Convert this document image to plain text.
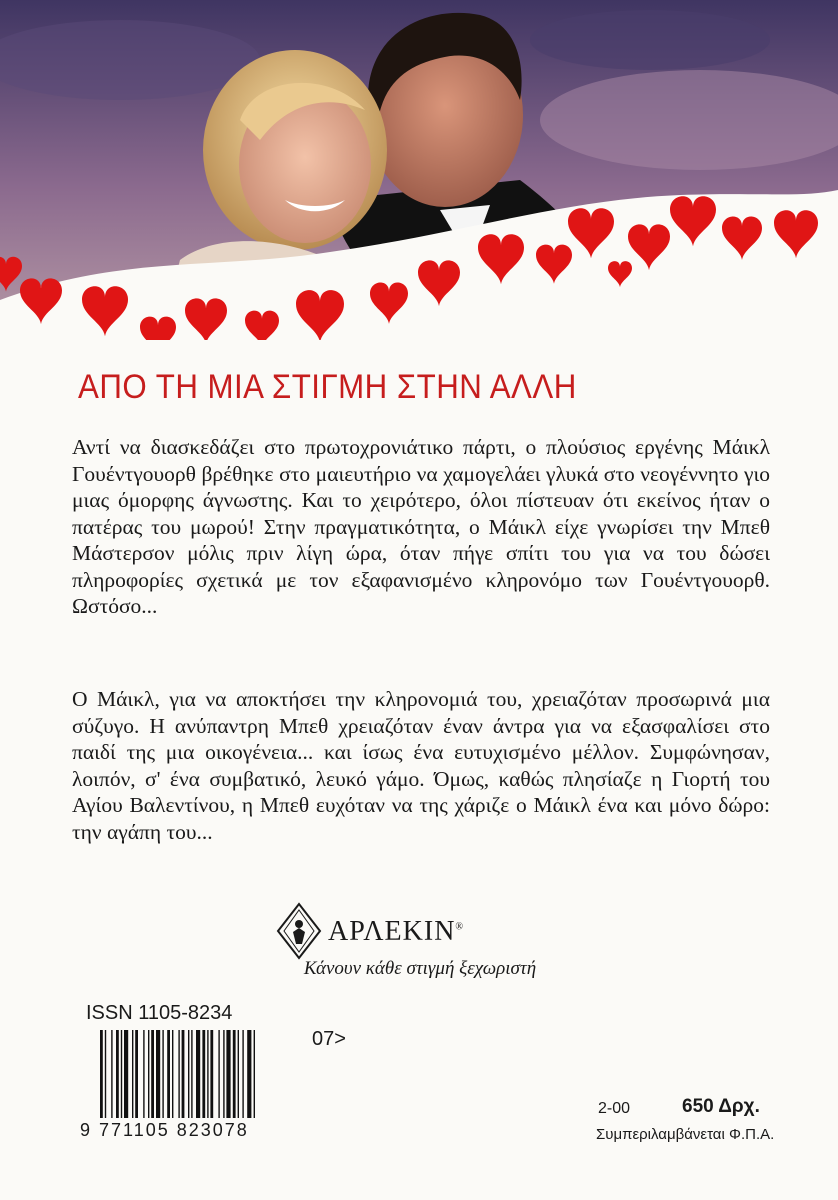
ΑΠΟ ΤΗ ΜΙΑ ΣΤΙΓΜΗ ΣΤΗΝ ΑΛΛΗ
Αντί να διασκεδάζει στο πρωτοχρονιάτικο πάρτι, ο πλούσιος εργένης Μάικλ Γουέντγουορθ βρέθηκε στο μαιευτήριο να χαμογελάει γλυκά στο νεογέννητο γιο μιας όμορφης άγνωστης. Και το χειρότερο, όλοι πίστευαν ότι εκείνος ήταν ο πατέρας του μωρού! Στην πραγματικότητα, ο Μάικλ είχε γνωρίσει την Μπεθ Μάστερσον μόλις πριν λίγη ώρα, όταν πήγε σπίτι του για να του δώσει πληροφορίες σχετικά με τον εξαφανισμένο κληρονόμο των Γουέντγουορθ. Ωστόσο...
Ο Μάικλ, για να αποκτήσει την κληρονομιά του, χρειαζόταν προσωρινά μια σύζυγο. Η ανύπαντρη Μπεθ χρειαζόταν έναν άντρα για να εξασφαλίσει στο παιδί της μια οικογένεια... και ίσως ένα ευτυχισμένο μέλλον. Συμφώνησαν, λοιπόν, σ' ένα συμβατικό, λευκό γάμο. Όμως, καθώς πλησίαζε η Γιορτή του Αγίου Βαλεντίνου, η Μπεθ ευχόταν να της χάριζε ο Μάικλ ένα και μόνο δώρο: την αγάπη του...
ΑΡΛΕΚΙΝ®
Κάνουν κάθε στιγμή ξεχωριστή
ISSN 1105-8234
07>
9 771105 823078
2-00	650 Δρχ.
Συμπεριλαμβάνεται Φ.Π.Α.
